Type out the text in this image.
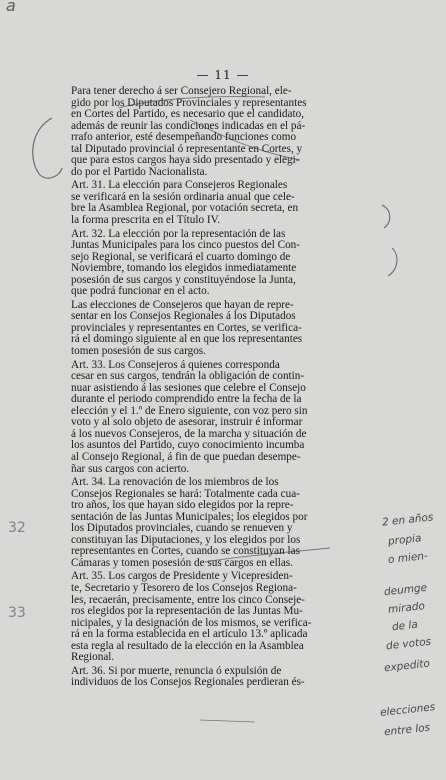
a
— 11 —

Para tener derecho á ser Consejero Regional, ele-
gido por los Diputados Provinciales y representantes
en Cortes del Partido, es necesario que el candidato,
además de reunir las condiciones indicadas en el pá-
rrafo anterior, esté desempeñando funciones como
tal Diputado provincial ó representante en Cortes, y
que para estos cargos haya sido presentado y elegi-
do por el Partido Nacionalista.

Art. 31. La elección para Consejeros Regionales
se verificará en la sesión ordinaria anual que cele-
bre la Asamblea Regional, por votación secreta, en
la forma prescrita en el Título IV.

Art. 32. La elección por la representación de las
Juntas Municipales para los cinco puestos del Con-
sejo Regional, se verificará el cuarto domingo de
Noviembre, tomando los elegidos inmediatamente
posesión de sus cargos y constituyéndose la Junta,
que podrá funcionar en el acto.

Las elecciones de Consejeros que hayan de repre-
sentar en los Consejos Regionales á los Diputados
provinciales y representantes en Cortes, se verifica-
rá el domingo siguiente al en que los representantes
tomen posesión de sus cargos.

Art. 33. Los Consejeros á quienes corresponda
cesar en sus cargos, tendrán la obligación de contin-
nuar asistiendo á las sesiones que celebre el Consejo
durante el periodo comprendido entre la fecha de la
elección y el 1.º de Enero siguiente, con voz pero sin
voto y al solo objeto de asesorar, instruir é informar
á los nuevos Consejeros, de la marcha y situación de
los asuntos del Partido, cuyo conocimiento incumba
al Consejo Regional, á fin de que puedan desempe-
ñar sus cargos con acierto.

Art. 34. La renovación de los miembros de los
Consejos Regionales se hará: Totalmente cada cua-
tro años, los que hayan sido elegidos por la repre-
sentación de las Juntas Municipales; los elegidos por
los Diputados provinciales, cuando se renueven y
constituyan las Diputaciones, y los elegidos por los
representantes en Cortes, cuando se constituyan las
Cámaras y tomen posesión de sus cargos en ellas.

Art. 35. Los cargos de Presidente y Vicepresiden-
te, Secretario y Tesorero de los Consejos Regiona-
les, recaerán, precisamente, entre los cinco Conseje-
ros elegidos por la representación de las Juntas Mu-
nicipales, y la designación de los mismos, se verifica-
rá en la forma establecida en el artículo 13.º aplicada
esta regla al resultado de la elección en la Asamblea
Regional.

Art. 36. Si por muerte, renuncia ó expulsión de
individuos de los Consejos Regionales perdieran és-

32
33
2 en años
propia
o mien-
deumge
mirado
de la
de votos
expedito
elecciones
entre los
